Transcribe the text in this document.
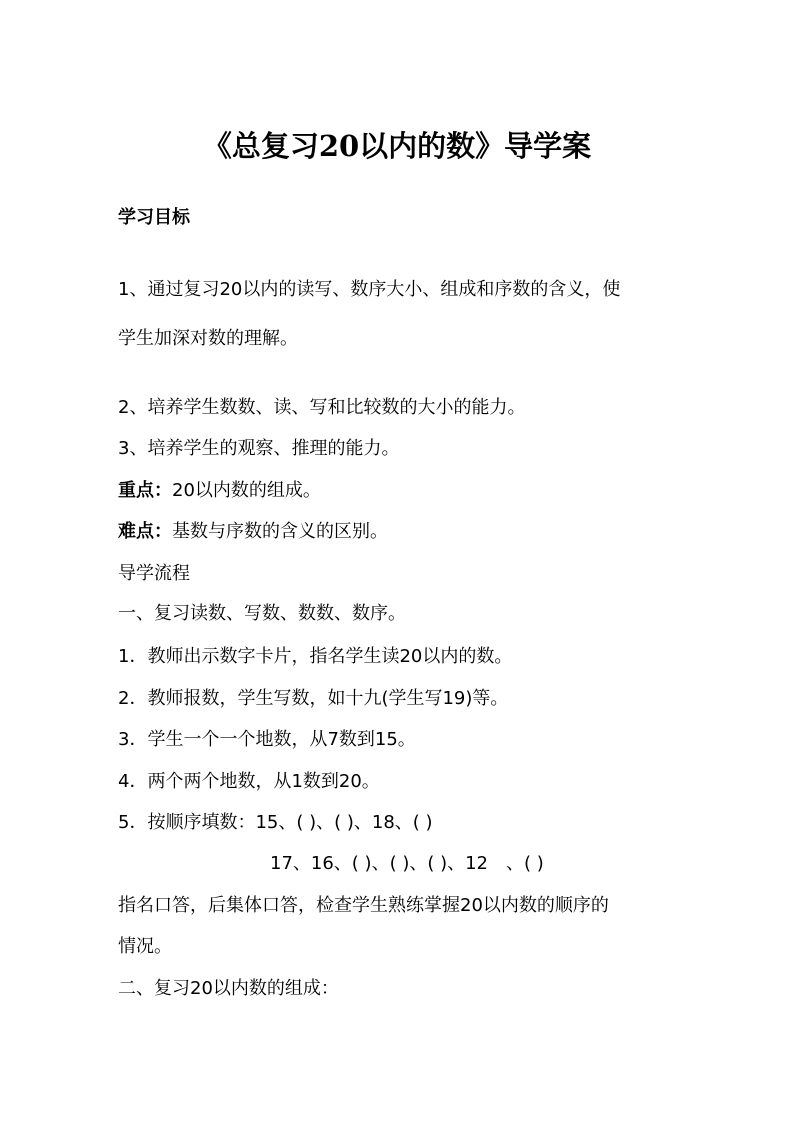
《总复习20以内的数》导学案
学习目标
1、通过复习20以内的读写、数序大小、组成和序数的含义，使
学生加深对数的理解。
2、培养学生数数、读、写和比较数的大小的能力。
3、培养学生的观察、推理的能力。
重点：20以内数的组成。
难点：基数与序数的含义的区别。
导学流程
一、复习读数、写数、数数、数序。
1．教师出示数字卡片，指名学生读20以内的数。
2．教师报数，学生写数，如十九(学生写19)等。
3．学生一个一个地数，从7数到15。
4．两个两个地数，从1数到20。
5．按顺序填数：15、( )、( )、18、( )
17、16、( )、( )、( )、12　、( )
指名口答，后集体口答，检查学生熟练掌握20以内数的顺序的
情况。
二、复习20以内数的组成：
